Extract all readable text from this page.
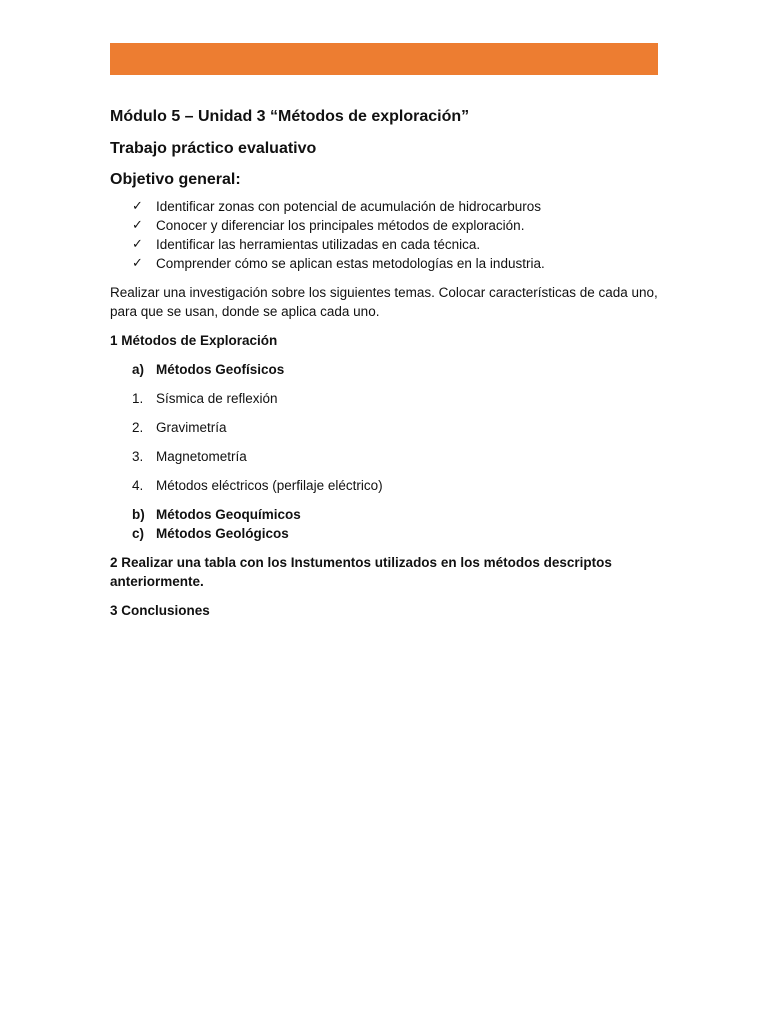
Módulo 5 – Unidad 3 “Métodos de exploración”
Trabajo práctico evaluativo
Objetivo general:
✓ Identificar zonas con potencial de acumulación de hidrocarburos
✓ Conocer y diferenciar los principales métodos de exploración.
✓ Identificar las herramientas utilizadas en cada técnica.
✓ Comprender cómo se aplican estas metodologías en la industria.

Realizar una investigación sobre los siguientes temas. Colocar características de cada uno, para que se usan, donde se aplica cada uno.

1 Métodos de Exploración

a) Métodos Geofísicos
1. Sísmica de reflexión
2. Gravimetría
3. Magnetometría
4. Métodos eléctricos (perfilaje eléctrico)
b) Métodos Geoquímicos
c) Métodos Geológicos

2 Realizar una tabla con los Instumentos utilizados en los métodos descriptos anteriormente.

3 Conclusiones
